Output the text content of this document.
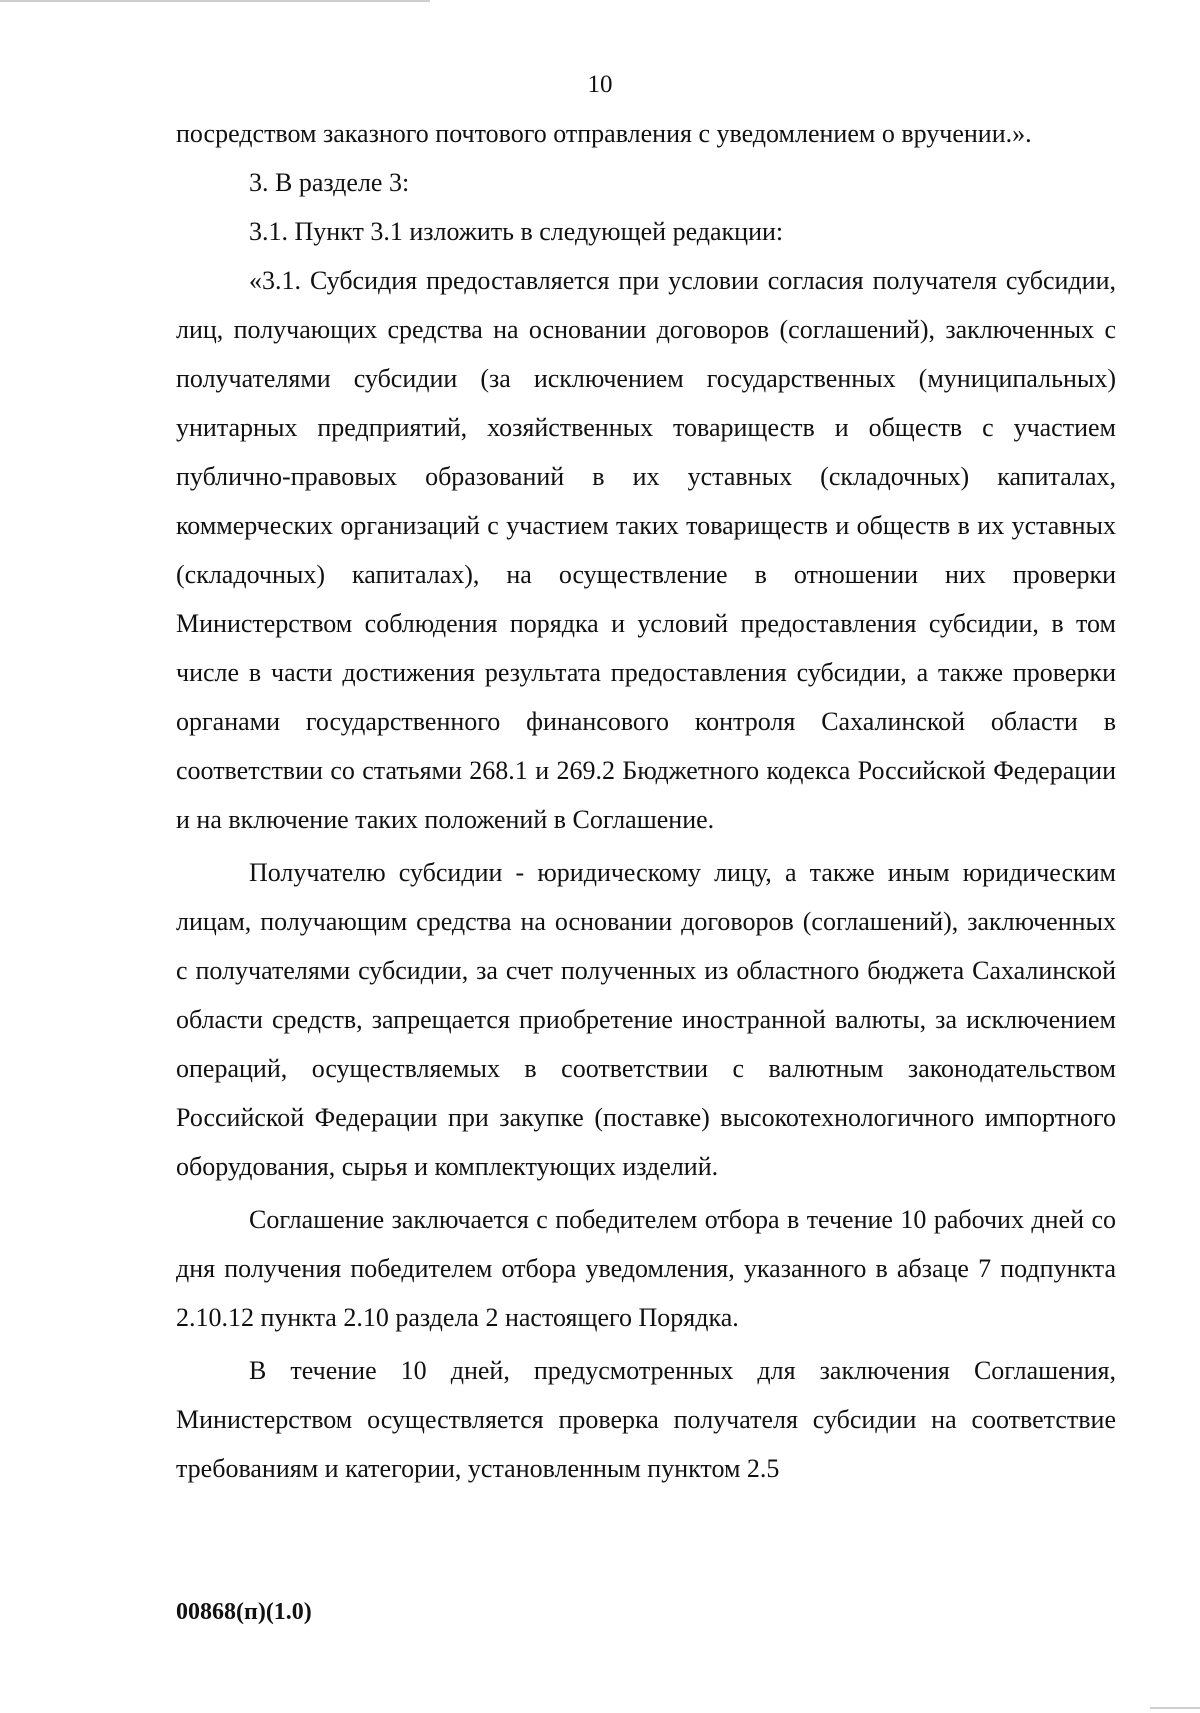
10

посредством заказного почтового отправления с уведомлением о вручении.».

3. В разделе 3:

3.1. Пункт 3.1 изложить в следующей редакции:

«3.1. Субсидия предоставляется при условии согласия получателя субсидии, лиц, получающих средства на основании договоров (соглашений), заключенных с получателями субсидии (за исключением государственных (муниципальных) унитарных предприятий, хозяйственных товариществ и обществ с участием публично-правовых образований в их уставных (складочных) капиталах, коммерческих организаций с участием таких товариществ и обществ в их уставных (складочных) капиталах), на осуществление в отношении них проверки Министерством соблюдения порядка и условий предоставления субсидии, в том числе в части достижения результата предоставления субсидии, а также проверки органами государственного финансового контроля Сахалинской области в соответствии со статьями 268.1 и 269.2 Бюджетного кодекса Российской Федерации и на включение таких положений в Соглашение.

Получателю субсидии - юридическому лицу, а также иным юридическим лицам, получающим средства на основании договоров (соглашений), заключенных с получателями субсидии, за счет полученных из областного бюджета Сахалинской области средств, запрещается приобретение иностранной валюты, за исключением операций, осуществляемых в соответствии с валютным законодательством Российской Федерации при закупке (поставке) высокотехнологичного импортного оборудования, сырья и комплектующих изделий.

Соглашение заключается с победителем отбора в течение 10 рабочих дней со дня получения победителем отбора уведомления, указанного в абзаце 7 подпункта 2.10.12 пункта 2.10 раздела 2 настоящего Порядка.

В течение 10 дней, предусмотренных для заключения Соглашения, Министерством осуществляется проверка получателя субсидии на соответствие требованиям и категории, установленным пунктом 2.5

00868(п)(1.0)
